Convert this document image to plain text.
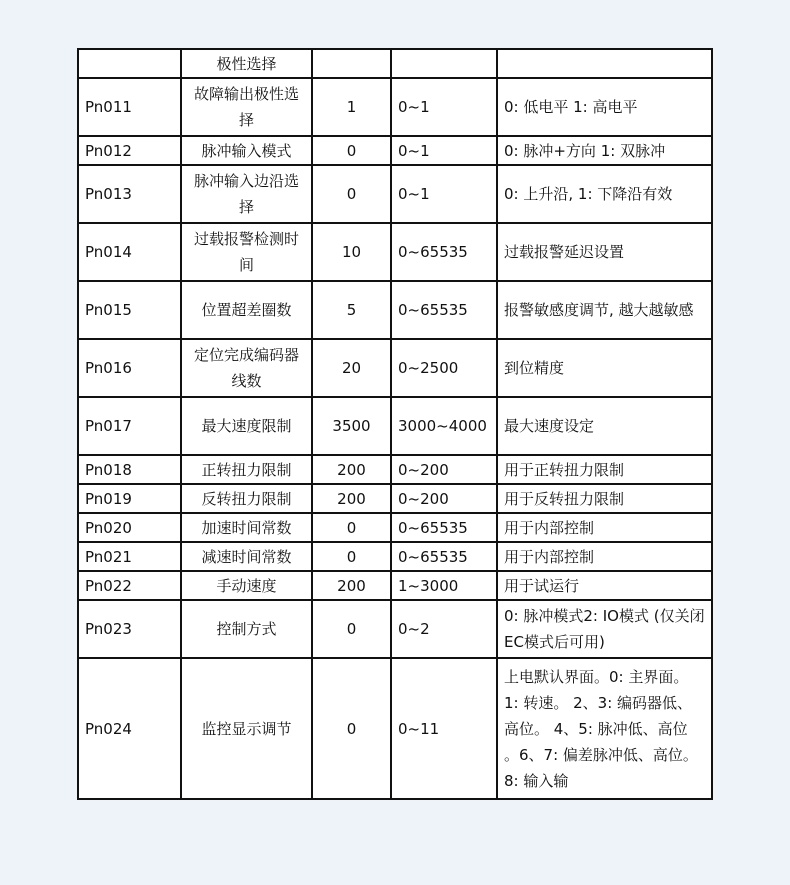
	极性选择			
Pn011	故障输出极性选择	1	0~1	0: 低电平 1: 高电平
Pn012	脉冲输入模式	0	0~1	0: 脉冲+方向 1: 双脉冲
Pn013	脉冲输入边沿选择	0	0~1	0: 上升沿, 1: 下降沿有效
Pn014	过载报警检测时间	10	0~65535	过载报警延迟设置
Pn015	位置超差圈数	5	0~65535	报警敏感度调节, 越大越敏感
Pn016	定位完成编码器线数	20	0~2500	到位精度
Pn017	最大速度限制	3500	3000~4000	最大速度设定
Pn018	正转扭力限制	200	0~200	用于正转扭力限制
Pn019	反转扭力限制	200	0~200	用于反转扭力限制
Pn020	加速时间常数	0	0~65535	用于内部控制
Pn021	减速时间常数	0	0~65535	用于内部控制
Pn022	手动速度	200	1~3000	用于试运行
Pn023	控制方式	0	0~2	0: 脉冲模式2: IO模式 (仅关闭EC模式后可用)
Pn024	监控显示调节	0	0~11	上电默认界面。0: 主界面。 1: 转速。 2、3: 编码器低、高位。 4、5: 脉冲低、高位 。6、7: 偏差脉冲低、高位。8: 输入输
